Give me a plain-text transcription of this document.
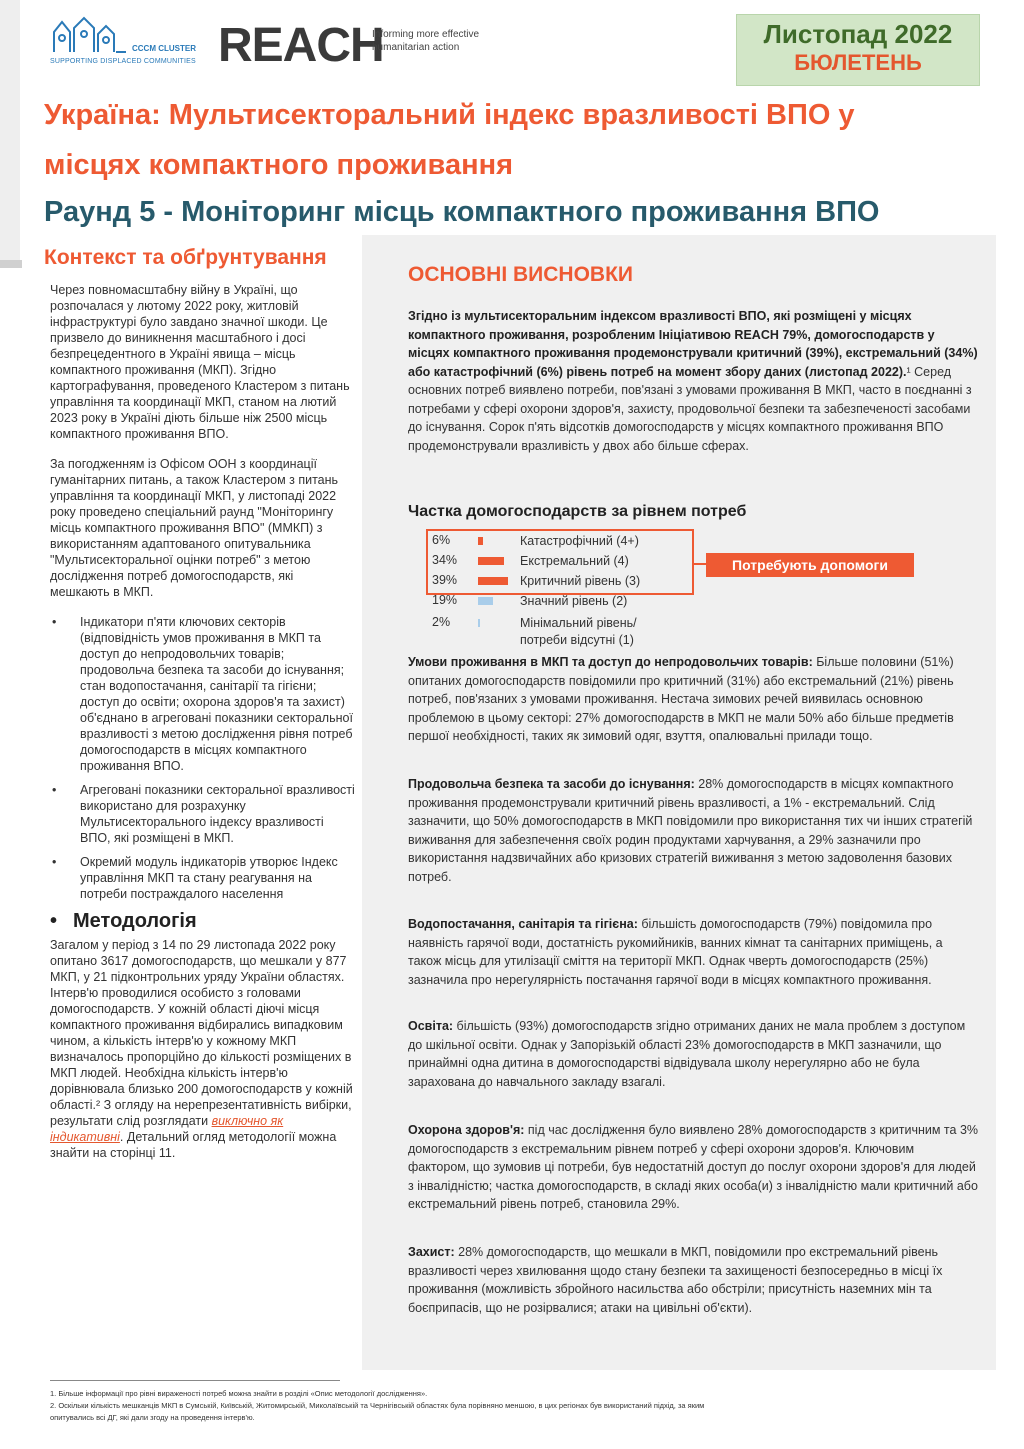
CCCM CLUSTER
SUPPORTING DISPLACED COMMUNITIES REACH
Informing more effective humanitarian action	Листопад 2022
БЮЛЕТЕНЬ
Україна: Мультисекторальний індекс вразливості ВПО у місцях компактного проживання
Раунд 5 - Моніторинг місць компактного проживання ВПО
Контекст та обґрунтування

Через повномасштабну війну в Україні, що розпочалася у лютому 2022 року, житловій інфраструктурі було завдано значної шкоди. Це призвело до виникнення масштабного і досі безпрецедентного в Україні явища – місць компактного проживання (МКП). Згідно картографування, проведеного Кластером з питань управління та координації МКП, станом на лютий 2023 року в Україні діють більше ніж 2500 місць компактного проживання ВПО.

За погодженням із Офісом ООН з координації гуманітарних питань, а також Кластером з питань управління та координації МКП, у листопаді 2022 року проведено спеціальний раунд "Моніторингу місць компактного проживання ВПО" (ММКП) з використанням адаптованого опитувальника "Мультисекторальної оцінки потреб" з метою дослідження потреб домогосподарств, які мешкають в МКП.

• Індикатори п'яти ключових секторів (відповідність умов проживання в МКП та доступ до непродовольчих товарів; продовольча безпека та засоби до існування; стан водопостачання, санітарії та гігієни; доступ до освіти; охорона здоров'я та захист) об'єднано в агреговані показники секторальної вразливості з метою дослідження рівня потреб домогосподарств в місцях компактного проживання ВПО.
• Агреговані показники секторальної вразливості використано для розрахунку Мультисекторального індексу вразливості ВПО, які розміщені в МКП.
• Окремий модуль індикаторів утворює Індекс управління МКП та стану реагування на потреби постраждалого населення
• Методологія
Загалом у період з 14 по 29 листопада 2022 року опитано 3617 домогосподарств, що мешкали у 877 МКП, у 21 підконтрольних уряду України областях. Інтерв'ю проводилися особисто з головами домогосподарств. У кожній області діючі місця компактного проживання відбирались випадковим чином, а кількість інтерв'ю у кожному МКП визначалось пропорційно до кількості розміщених в МКП людей. Необхідна кількість інтерв'ю дорівнювала близько 200 домогосподарств у кожній області.² З огляду на нерепрезентативність вибірки, результати слід розглядати виключно як індикативні. Детальний огляд методології можна знайти на сторінці 11.
ОСНОВНІ ВИСНОВКИ
Згідно із мультисекторальним індексом вразливості ВПО, які розміщені у місцях компактного проживання, розробленим Ініціативою REACH 79%, домогосподарств у місцях компактного проживання продемонстрували критичний (39%), екстремальний (34%) або катастрофічний (6%) рівень потреб на момент збору даних (листопад 2022).¹ Серед основних потреб виявлено потреби, пов'язані з умовами проживання В МКП, часто в поєднанні з потребами у сфері охорони здоров'я, захисту, продовольчої безпеки та забезпеченості засобами до існування. Сорок п'ять відсотків домогосподарств у місцях компактного проживання ВПО продемонстрували вразливість у двох або більше сферах.
Частка домогосподарств за рівнем потреб
Потребують допомоги
6%	Катастрофічний (4+)
34%	Екстремальний (4)
39%	Критичний рівень (3)
19%	Значний рівень (2)
2%	Мінімальний рівень/ потреби відсутні (1)
Умови проживання в МКП та доступ до непродовольчих товарів: Більше половини (51%) опитаних домогосподарств повідомили про критичний (31%) або екстремальний (21%) рівень потреб, пов'язаних з умовами проживання. Нестача зимових речей виявилась основною проблемою в цьому секторі: 27% домогосподарств в МКП не мали 50% або більше предметів першої необхідності, таких як зимовий одяг, взуття, опалювальні прилади тощо.
Продовольча безпека та засоби до існування: 28% домогосподарств в місцях компактного проживання продемонстрували критичний рівень вразливості, а 1% - екстремальний. Слід зазначити, що 50% домогосподарств в МКП повідомили про використання тих чи інших стратегій виживання для забезпечення своїх родин продуктами харчування, а 29% зазначили про використання надзвичайних або кризових стратегій виживання з метою задоволення базових потреб.
Водопостачання, санітарія та гігієна: більшість домогосподарств (79%) повідомила про наявність гарячої води, достатність рукомийників, ванних кімнат та санітарних приміщень, а також місць для утилізації сміття на території МКП. Однак чверть домогосподарств (25%) зазначила про нерегулярність постачання гарячої води в місцях компактного проживання.
Освіта: більшість (93%) домогосподарств згідно отриманих даних не мала проблем з доступом до шкільної освіти. Однак у Запорізькій області 23% домогосподарств в МКП зазначили, що принаймні одна дитина в домогосподарстві відвідувала школу нерегулярно або не була зарахована до навчального закладу взагалі.
Охорона здоров'я: під час дослідження було виявлено 28% домогосподарств з критичним та 3% домогосподарств з екстремальним рівнем потреб у сфері охорони здоров'я. Ключовим фактором, що зумовив ці потреби, був недостатній доступ до послуг охорони здоров'я для людей з інвалідністю; частка домогосподарств, в складі яких особа(и) з інвалідністю мали критичний або екстремальний рівень потреб, становила 29%.
Захист: 28% домогосподарств, що мешкали в МКП, повідомили про екстремальний рівень вразливості через хвилювання щодо стану безпеки та захищеності безпосередньо в місці їх проживання (можливість збройного насильства або обстріли; присутність наземних мін та боєприпасів, що не розірвалися; атаки на цивільні об'єкти).
1. Більше інформації про рівні вираженості потреб можна знайти в розділі «Опис методології дослідження».
2. Оскільки кількість мешканців МКП в Сумській, Київській, Житомирській, Миколаївській та Чернігівській областях була порівняно меншою, в цих регіонах був використаний підхід, за яким опитувались всі ДГ, які дали згоду на проведення інтерв'ю.
